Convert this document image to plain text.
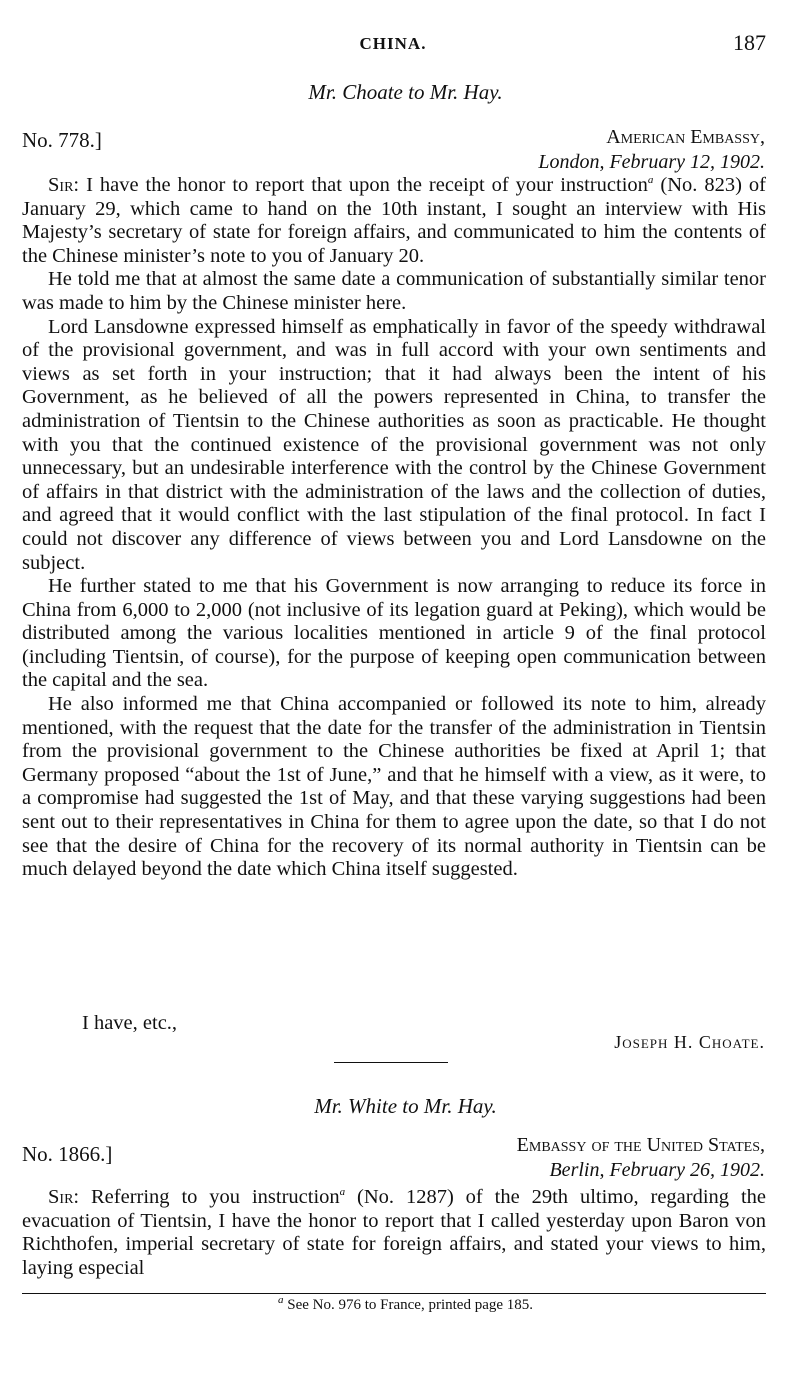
CHINA.	187
Mr. Choate to Mr. Hay.
No. 778.]	American Embassy,
London, February 12, 1902.

Sir: I have the honor to report that upon the receipt of your instruction$^a$ (No. 823) of January 29, which came to hand on the 10th instant, I sought an interview with His Majesty’s secretary of state for foreign affairs, and communicated to him the contents of the Chinese minister’s note to you of January 20.

He told me that at almost the same date a communication of substantially similar tenor was made to him by the Chinese minister here.

Lord Lansdowne expressed himself as emphatically in favor of the speedy withdrawal of the provisional government, and was in full accord with your own sentiments and views as set forth in your instruction; that it had always been the intent of his Government, as he believed of all the powers represented in China, to transfer the administration of Tientsin to the Chinese authorities as soon as practicable. He thought with you that the continued existence of the provisional government was not only unnecessary, but an undesirable interference with the control by the Chinese Government of affairs in that district with the administration of the laws and the collection of duties, and agreed that it would conflict with the last stipulation of the final protocol. In fact I could not discover any difference of views between you and Lord Lansdowne on the subject.

He further stated to me that his Government is now arranging to reduce its force in China from 6,000 to 2,000 (not inclusive of its legation guard at Peking), which would be distributed among the various localities mentioned in article 9 of the final protocol (including Tientsin, of course), for the purpose of keeping open communication between the capital and the sea.

He also informed me that China accompanied or followed its note to him, already mentioned, with the request that the date for the transfer of the administration in Tientsin from the provisional government to the Chinese authorities be fixed at April 1; that Germany proposed “about the 1st of June,” and that he himself with a view, as it were, to a compromise had suggested the 1st of May, and that these varying suggestions had been sent out to their representatives in China for them to agree upon the date, so that I do not see that the desire of China for the recovery of its normal authority in Tientsin can be much delayed beyond the date which China itself suggested.

I have, etc.,
Joseph H. Choate.
Mr. White to Mr. Hay.
No. 1866.]	Embassy of the United States,
Berlin, February 26, 1902.

Sir: Referring to you instruction$^a$ (No. 1287) of the 29th ultimo, regarding the evacuation of Tientsin, I have the honor to report that I called yesterday upon Baron von Richthofen, imperial secretary of state for foreign affairs, and stated your views to him, laying especial

$^a$ See No. 976 to France, printed page 185.
